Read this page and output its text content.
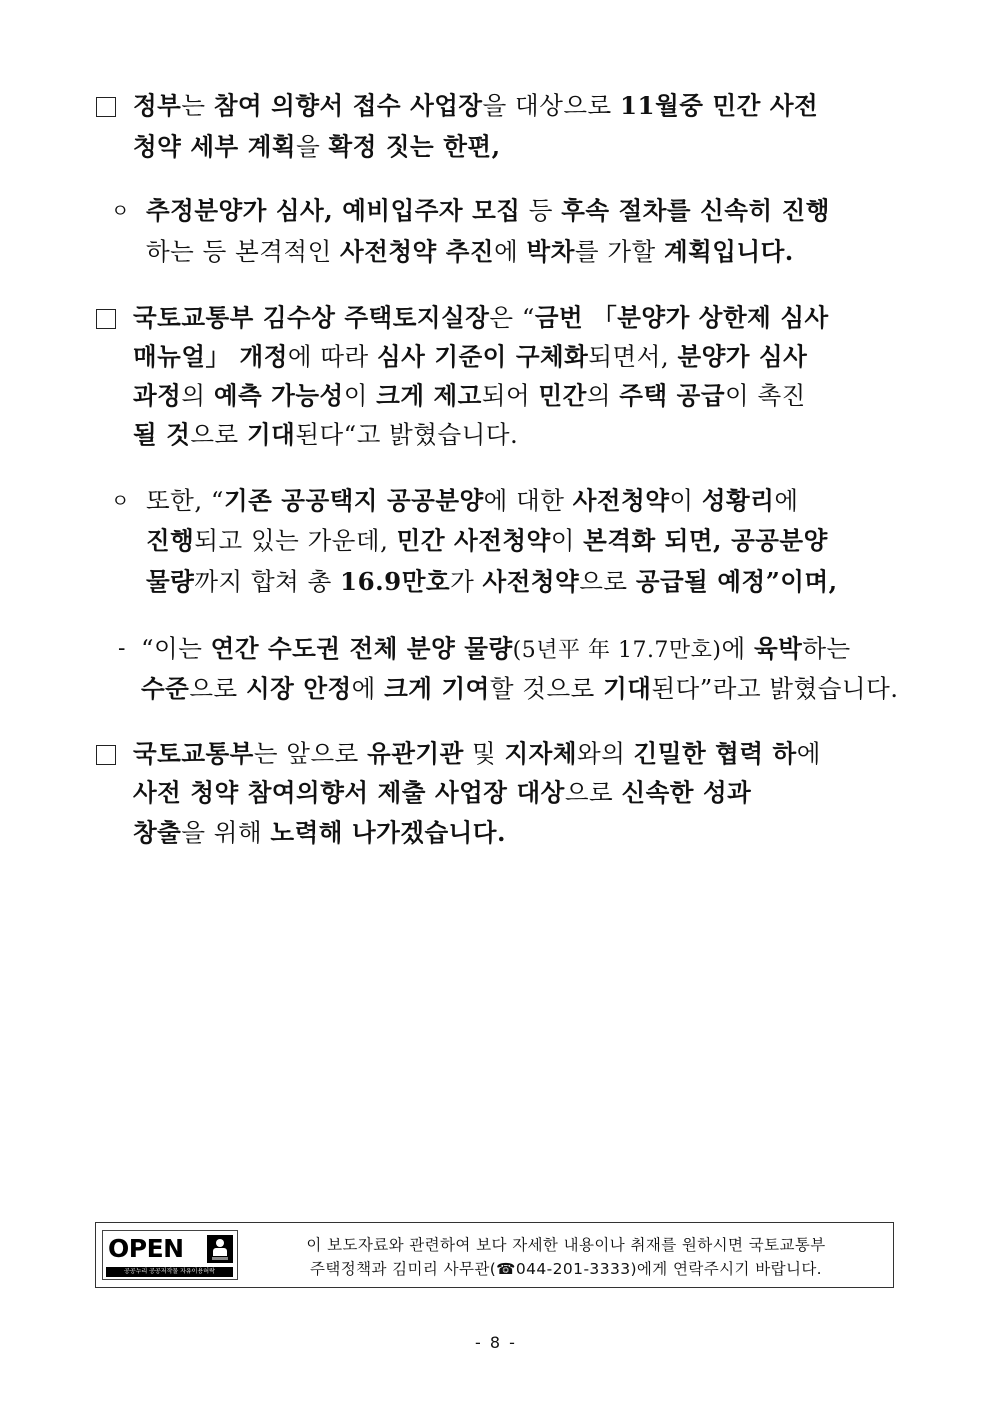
정부는 참여 의향서 접수 사업장을 대상으로 11월중 민간 사전
청약 세부 계획을 확정 짓는 한편,
ㅇ 추정분양가 심사, 예비입주자 모집 등 후속 절차를 신속히 진행
하는 등 본격적인 사전청약 추진에 박차를 가할 계획입니다.
국토교통부 김수상 주택토지실장은 “금번 「분양가 상한제 심사
매뉴얼」 개정에 따라 심사 기준이 구체화되면서, 분양가 심사
과정의 예측 가능성이 크게 제고되어 민간의 주택 공급이 촉진
될 것으로 기대된다“고 밝혔습니다.
ㅇ 또한, “기존 공공택지 공공분양에 대한 사전청약이 성황리에
진행되고 있는 가운데, 민간 사전청약이 본격화 되면, 공공분양
물량까지 합쳐 총 16.9만호가 사전청약으로 공급될 예정”이며,
- “이는 연간 수도권 전체 분양 물량(5년平 年 17.7만호)에 육박하는
수준으로 시장 안정에 크게 기여할 것으로 기대된다”라고 밝혔습니다.
국토교통부는 앞으로 유관기관 및 지자체와의 긴밀한 협력 하에
사전 청약 참여의향서 제출 사업장 대상으로 신속한 성과
창출을 위해 노력해 나가겠습니다.
OPEN
공공누리 공공저작물 자유이용허락
이 보도자료와 관련하여 보다 자세한 내용이나 취재를 원하시면 국토교통부
주택정책과 김미리 사무관(☎044-201-3333)에게 연락주시기 바랍니다.
- 8 -
